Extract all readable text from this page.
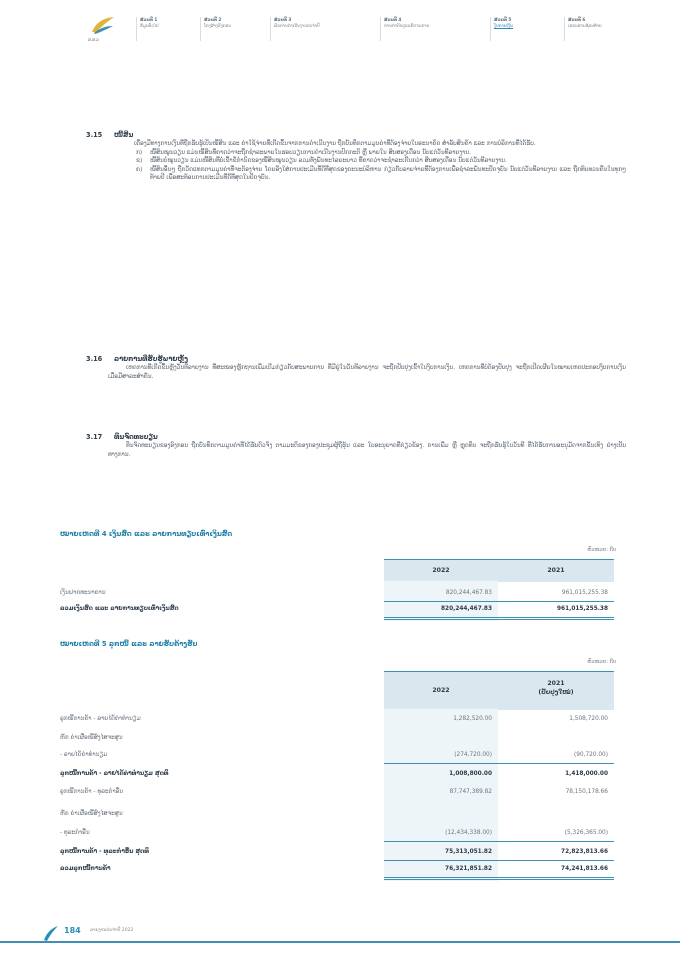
ສ.ສ.ລ
ສ່ວນທີ 1
ຂໍ້ມູນທົ່ວໄປ
ສ່ວນທີ 2
ໂຄງສ້າງອົງກອນ
ສ່ວນທີ 3
ຜົນການດຳເນີນງານປະຈຳປີ
ສ່ວນທີ 4
ການກຳກັບດູແລກິດຈະການ
ສ່ວນທີ 5
ງົບການເງິນ
ສ່ວນທີ 6
ເອກະສານຊ້ອນທ້າຍ
3.15 ໜີ້ສິນ
ເຄື່ອງມືທາງການເງິນທີ່ຖືກຮັບຮູ້ເປັນໜີ້ສິນ ແລະ ຄ່າໃຊ້ຈ່າຍທີ່ເກີດຂຶ້ນຈາກການດຳເນີນງານ ຖືກບັນທຶກຕາມມູນຄ່າທີ່ຕ້ອງຈ່າຍໃນອະນາຄົດ ສຳລັບສິນຄ້າ ແລະ ການບໍລິການທີ່ໄດ້ຮັບ.
ກ) ໜີ້ສິນໝູນວຽນ ແມ່ນໜີ້ສິນທີ່ຄາດວ່າຈະຖືກຊຳລະພາຍໃນຮອບວຽນການດຳເນີນງານປົກກະຕິ ຫຼື ພາຍໃນ ສິບສອງເດືອນ ນັບແຕ່ວັນທີລາຍງານ.
ຂ) ໜີ້ສິນບໍ່ໝູນວຽນ ແມ່ນໜີ້ສິນທີ່ບໍ່ເຂົ້າຂໍ້ກຳນົດຂອງໜີ້ສິນໝູນວຽນ ລວມທັງພັນທະໄລຍະຍາວ ທີ່ຄາດວ່າຈະຊຳລະເກີນກວ່າ ສິບສອງເດືອນ ນັບແຕ່ວັນທີລາຍງານ.
ຄ) ໜີ້ສິນອື່ນໆ ຖືກວັດແທກຕາມມູນຄ່າທີ່ຈະຕ້ອງຈ່າຍ ໂດຍອີງໃສ່ການປະເມີນທີ່ດີທີ່ສຸດຂອງຄະນະບໍລິຫານ ກ່ຽວກັບລາຍຈ່າຍທີ່ຕ້ອງການເພື່ອຊຳລະພັນທະປັດຈຸບັນ ນັບແຕ່ວັນທີລາຍງານ ແລະ ຖືກທົບທວນຄືນໃນທຸກໆທ້າຍປີ ເພື່ອສະທ້ອນການປະເມີນທີ່ດີທີ່ສຸດໃນປັດຈຸບັນ.
3.16 ລາຍການທີ່ຮັບຮູ້ພາຍຫຼັງ
ເຫດການທີ່ເກີດຂຶ້ນຫຼັງວັນທີລາຍງານ ທີ່ສະໜອງຫຼັກຖານເພີ່ມເຕີມກ່ຽວກັບສະພາບການ ທີ່ມີຢູ່ໃນວັນທີລາຍງານ ຈະຖືກປັບປຸງເຂົ້າໃນງົບການເງິນ. ເຫດການທີ່ບໍ່ຕ້ອງປັບປຸງ ຈະຖືກເປີດເຜີຍໃນໝາຍເຫດປະກອບງົບການເງິນ ເມື່ອມີສາລະສຳຄັນ.
3.17 ທຶນຈົດທະບຽນ
ທຶນຈົດທະບຽນຂອງອົງກອນ ຖືກບັນທຶກຕາມມູນຄ່າທີ່ໄດ້ຮັບຕົວຈິງ ຕາມມະຕິຂອງກອງປະຊຸມຜູ້ຖືຮຸ້ນ ແລະ ໃບອະນຸຍາດທີ່ກ່ຽວຂ້ອງ. ການເພີ່ມ ຫຼື ຫຼຸດທຶນ ຈະຖືກຮັບຮູ້ໃນວັນທີ ທີ່ໄດ້ຮັບການອະນຸມັດຈາກຂັ້ນເທິງ ຢ່າງເປັນທາງການ.
ໝາຍເຫດທີ 4 ເງິນສົດ ແລະ ລາຍການທຽບເທົ່າເງິນສົດ
ຫົວໜ່ວຍ: ກີບ
2022	2021
ເງິນຝາກທະນາຄານ	820,244,467.83	961,015,255.38
ລວມເງິນສົດ ແລະ ລາຍການທຽບເທົ່າເງິນສົດ	820,244,467.83	961,015,255.38
ໝາຍເຫດທີ 5 ລູກໜີ້ ແລະ ລາຍຮັບຄ້າງຮັບ
ຫົວໜ່ວຍ: ກີບ
2022
2021
(ປັບປຸງໃໝ່)
ລູກໜີ້ການຄ້າ - ລາຍໄດ້ຄ່າທຳນຽມ	1,282,520.00	1,508,720.00
ຫັກ ຄ່າເຜື່ອໜີ້ສົງໄສຈະສູນ
- ລາຍໄດ້ຄ່າທຳນຽມ	(274,720.00)	(90,720.00)
ລູກໜີ້ການຄ້າ - ລາຍໄດ້ຄ່າທຳນຽມ ສຸດທິ	1,008,800.00	1,418,000.00
ລູກໜີ້ການຄ້າ - ທຸລະກຳອື່ນ	87,747,389.82	78,150,178.66
ຫັກ ຄ່າເຜື່ອໜີ້ສົງໄສຈະສູນ
- ທຸລະກຳອື່ນ	(12,434,338.00)	(5,326,365.00)
ລູກໜີ້ການຄ້າ - ທຸລະກຳອື່ນ ສຸດທິ	75,313,051.82	72,823,813.66
ລວມລູກໜີ້ການຄ້າ	76,321,851.82	74,241,813.66
184 ລາຍງານປະຈຳປີ 2022
